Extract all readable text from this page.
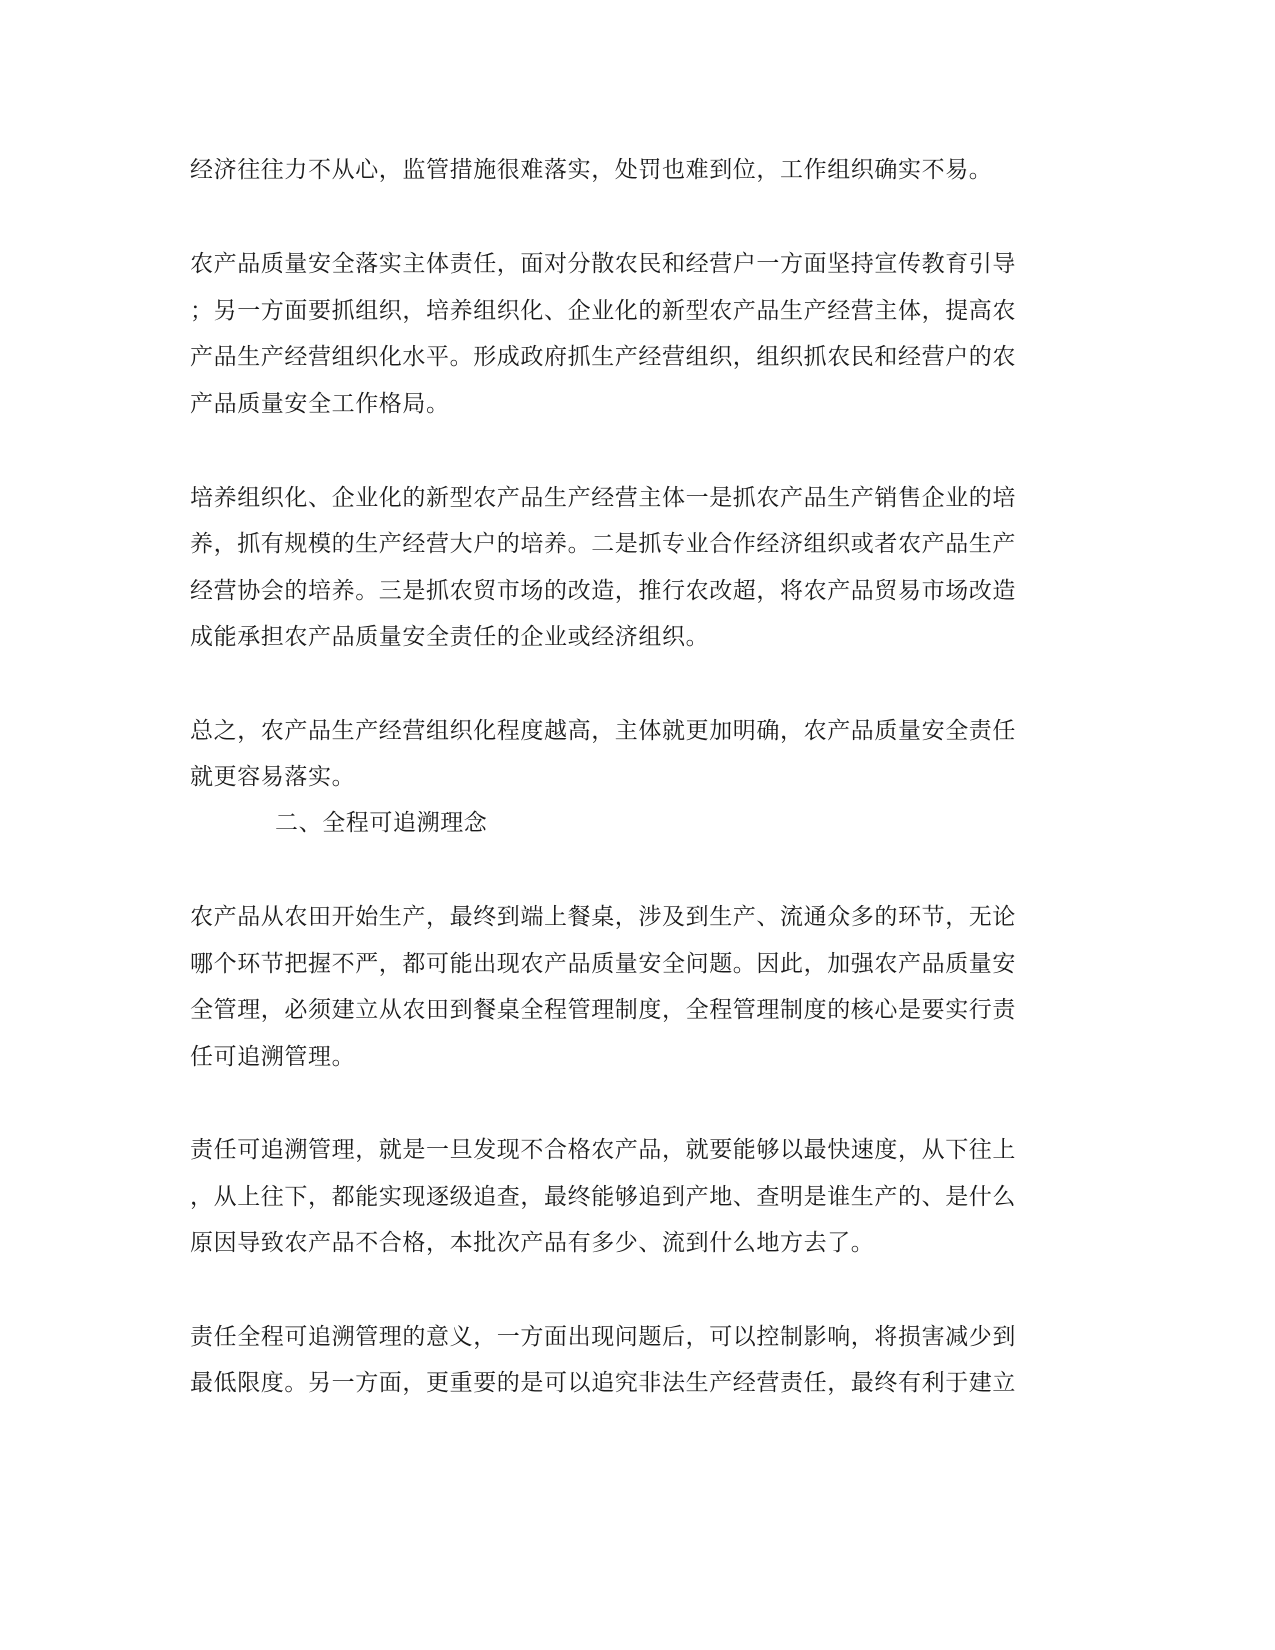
经济往往力不从心，监管措施很难落实，处罚也难到位，工作组织确实不易。
农产品质量安全落实主体责任，面对分散农民和经营户一方面坚持宣传教育引导
；另一方面要抓组织，培养组织化、企业化的新型农产品生产经营主体，提高农
产品生产经营组织化水平。形成政府抓生产经营组织，组织抓农民和经营户的农
产品质量安全工作格局。
培养组织化、企业化的新型农产品生产经营主体一是抓农产品生产销售企业的培
养，抓有规模的生产经营大户的培养。二是抓专业合作经济组织或者农产品生产
经营协会的培养。三是抓农贸市场的改造，推行农改超，将农产品贸易市场改造
成能承担农产品质量安全责任的企业或经济组织。
总之，农产品生产经营组织化程度越高，主体就更加明确，农产品质量安全责任
就更容易落实。
二、全程可追溯理念
农产品从农田开始生产，最终到端上餐桌，涉及到生产、流通众多的环节，无论
哪个环节把握不严，都可能出现农产品质量安全问题。因此，加强农产品质量安
全管理，必须建立从农田到餐桌全程管理制度，全程管理制度的核心是要实行责
任可追溯管理。
责任可追溯管理，就是一旦发现不合格农产品，就要能够以最快速度，从下往上
，从上往下，都能实现逐级追查，最终能够追到产地、查明是谁生产的、是什么
原因导致农产品不合格，本批次产品有多少、流到什么地方去了。
责任全程可追溯管理的意义，一方面出现问题后，可以控制影响，将损害减少到
最低限度。另一方面，更重要的是可以追究非法生产经营责任，最终有利于建立
